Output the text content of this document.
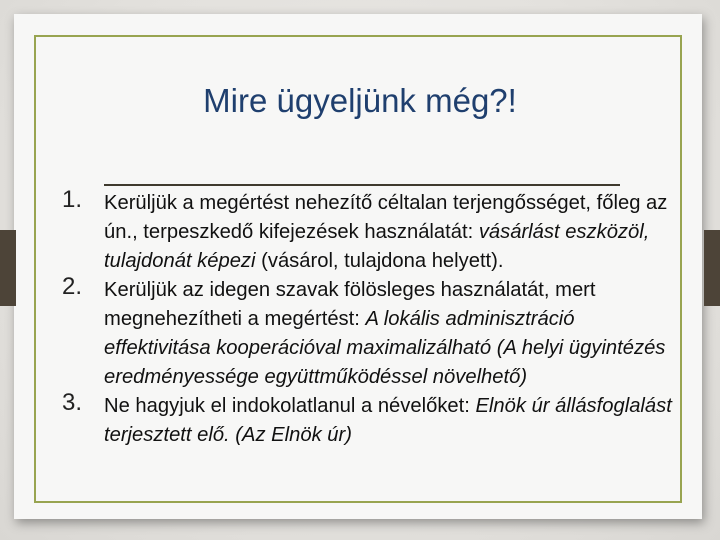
Mire ügyeljünk még?!
1. Kerüljük a megértést nehezítő céltalan terjengősséget, főleg az ún., terpeszkedő kifejezések használatát: vásárlást eszközöl, tulajdonát képezi (vásárol, tulajdona helyett).
2. Kerüljük az idegen szavak fölösleges használatát, mert megnehezítheti a megértést: A lokális adminisztráció effektivitása kooperációval maximalizálható (A helyi ügyintézés eredményessége együttműködéssel növelhető)
3. Ne hagyjuk el indokolatlanul a névelőket: Elnök úr állásfoglalást terjesztett elő. (Az Elnök úr)
